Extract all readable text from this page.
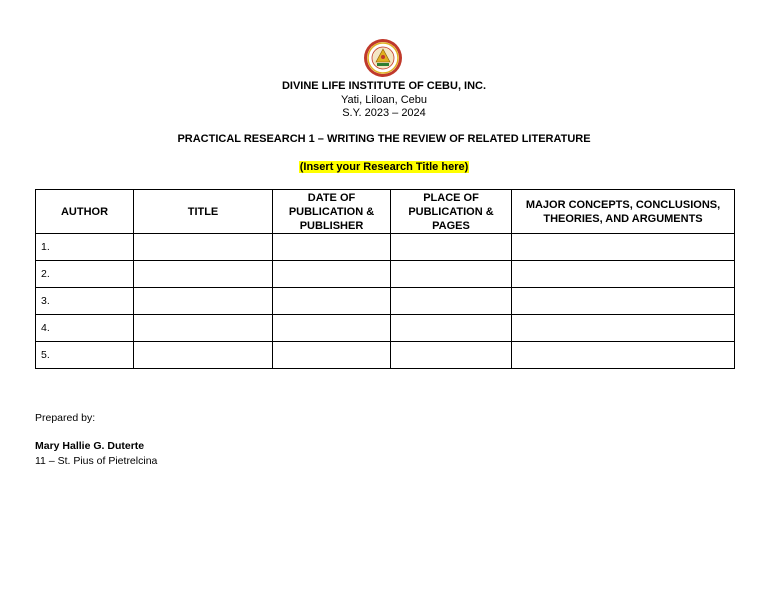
DIVINE LIFE INSTITUTE OF CEBU, INC.
Yati, Liloan, Cebu
S.Y. 2023 – 2024
PRACTICAL RESEARCH 1 – WRITING THE REVIEW OF RELATED LITERATURE
(Insert your Research Title here)
AUTHOR	TITLE	DATE OF PUBLICATION & PUBLISHER	PLACE OF PUBLICATION & PAGES	MAJOR CONCEPTS, CONCLUSIONS, THEORIES, AND ARGUMENTS
1.				
2.				
3.				
4.				
5.				
Prepared by:
Mary Hallie G. Duterte
11 – St. Pius of Pietrelcina
